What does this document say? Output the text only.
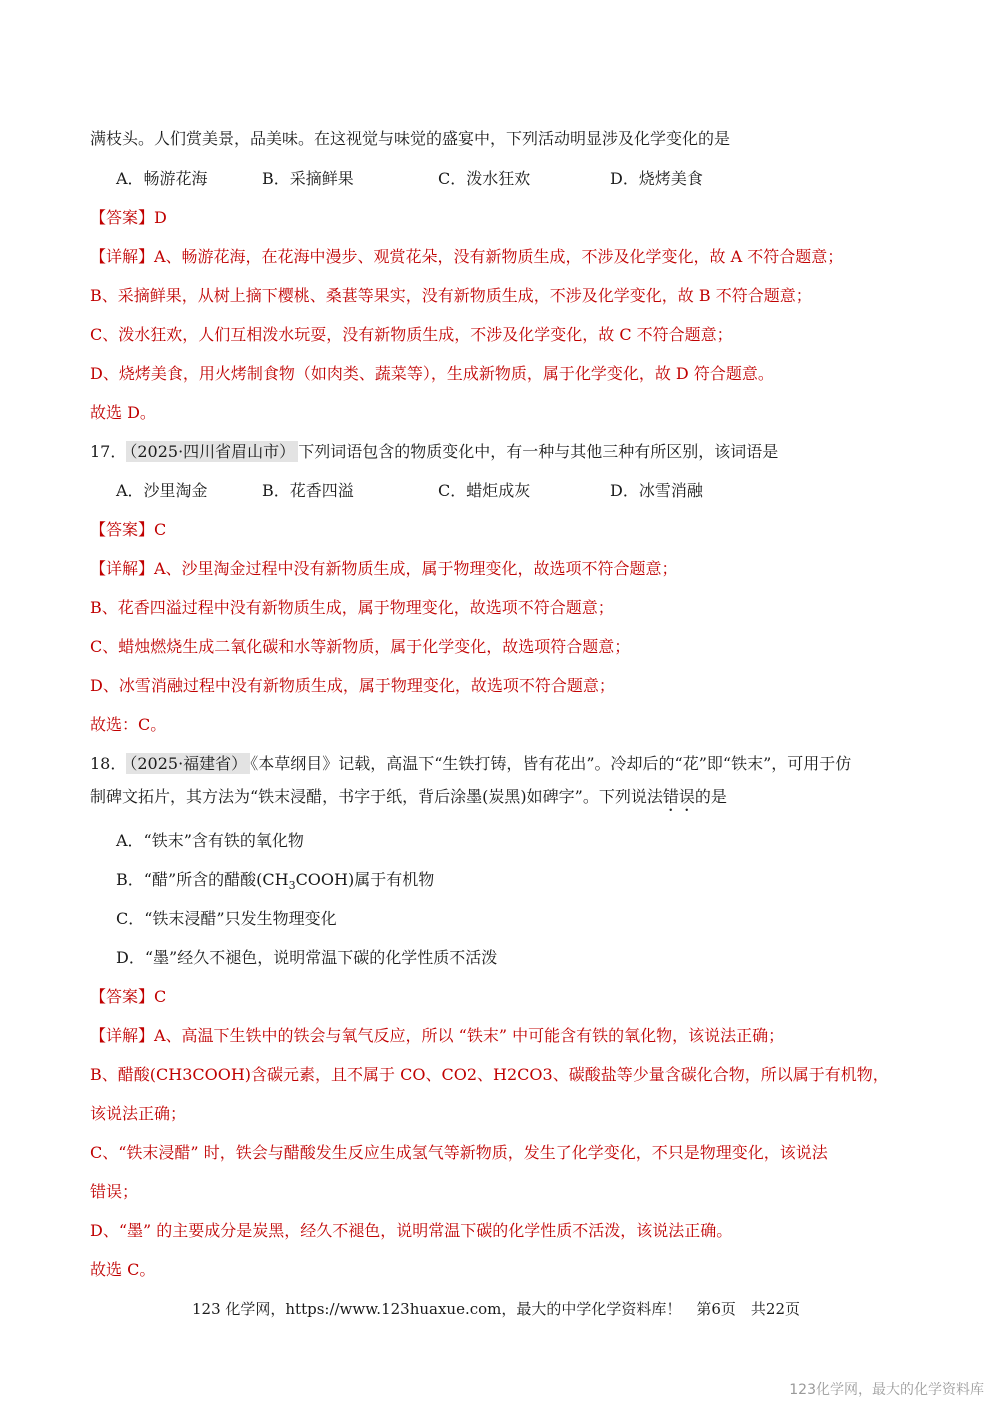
满枝头。人们赏美景，品美味。在这视觉与味觉的盛宴中，下列活动明显涉及化学变化的是
A．畅游花海	B．采摘鲜果	C．泼水狂欢	D．烧烤美食
【答案】D
【详解】A、畅游花海，在花海中漫步、观赏花朵，没有新物质生成，不涉及化学变化，故 A 不符合题意；
B、采摘鲜果，从树上摘下樱桃、桑葚等果实，没有新物质生成，不涉及化学变化，故 B 不符合题意；
C、泼水狂欢，人们互相泼水玩耍，没有新物质生成，不涉及化学变化，故 C 不符合题意；
D、烧烤美食，用火烤制食物（如肉类、蔬菜等），生成新物质，属于化学变化，故 D 符合题意。
故选 D。
17． （2025·四川省眉山市） 下列词语包含的物质变化中，有一种与其他三种有所区别，该词语是
A．沙里淘金	B．花香四溢	C．蜡炬成灰	D．冰雪消融
【答案】C
【详解】A、沙里淘金过程中没有新物质生成，属于物理变化，故选项不符合题意；
B、花香四溢过程中没有新物质生成，属于物理变化，故选项不符合题意；
C、蜡烛燃烧生成二氧化碳和水等新物质，属于化学变化，故选项符合题意；
D、冰雪消融过程中没有新物质生成，属于物理变化，故选项不符合题意；
故选：C。
18． （2025·福建省） 《本草纲目》记载，高温下“生铁打铸，皆有花出”。冷却后的“花”即“铁末”，可用于仿
制碑文拓片，其方法为“铁末浸醋，书字于纸，背后涂墨(炭黑)如碑字”。下列说法错误的是
A．“铁末”含有铁的氧化物
B．“醋”所含的醋酸$(CH_3COOH)$属于有机物
C．“铁末浸醋”只发生物理变化
D．“墨”经久不褪色，说明常温下碳的化学性质不活泼
【答案】C
【详解】A、高温下生铁中的铁会与氧气反应，所以 “铁末” 中可能含有铁的氧化物，该说法正确；
B、醋酸(CH3COOH)含碳元素，且不属于 CO、CO2、H2CO3、碳酸盐等少量含碳化合物，所以属于有机物，
该说法正确；
C、“铁末浸醋” 时，铁会与醋酸发生反应生成氢气等新物质，发生了化学变化，不只是物理变化，该说法
错误；
D、“墨” 的主要成分是炭黑，经久不褪色，说明常温下碳的化学性质不活泼，该说法正确。
故选 C。
123 化学网，https://www.123huaxue.com，最大的中学化学资料库！　第6页　共22页
123化学网，最大的化学资料库
